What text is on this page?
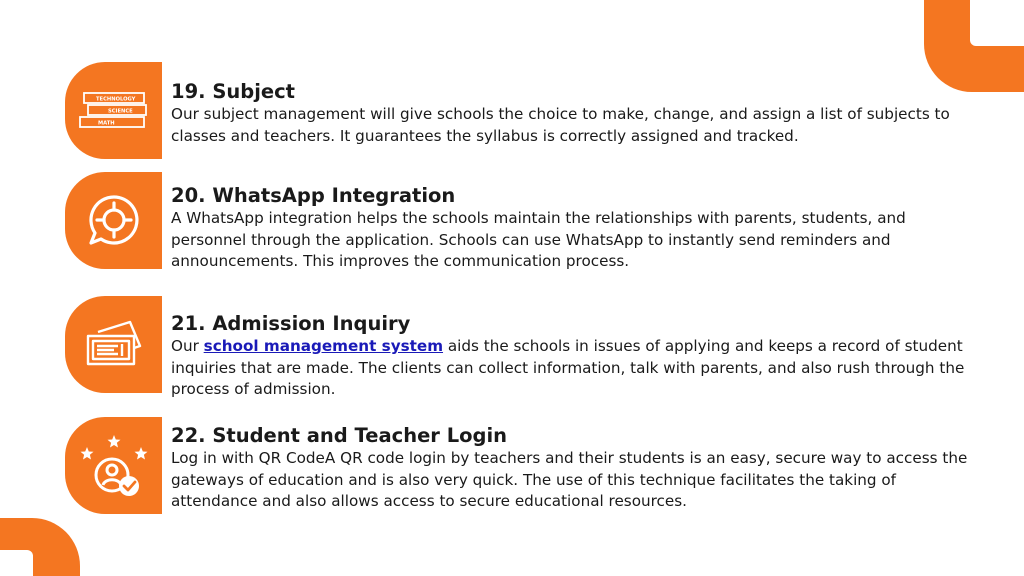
TECHNOLOGY
SCIENCE
MATH
19. Subject

Our subject management will give schools the choice to make, change, and assign a list of subjects to classes and teachers. It guarantees the syllabus is correctly assigned and tracked.

20. WhatsApp Integration

A WhatsApp integration helps the schools maintain the relationships with parents, students, and personnel through the application. Schools can use WhatsApp to instantly send reminders and announcements. This improves the communication process.

21. Admission Inquiry

Our school management system aids the schools in issues of applying and keeps a record of student inquiries that are made. The clients can collect information, talk with parents, and also rush through the process of admission.

22. Student and Teacher Login

Log in with QR CodeA QR code login by teachers and their students is an easy, secure way to access the gateways of education and is also very quick. The use of this technique facilitates the taking of attendance and also allows access to secure educational resources.
